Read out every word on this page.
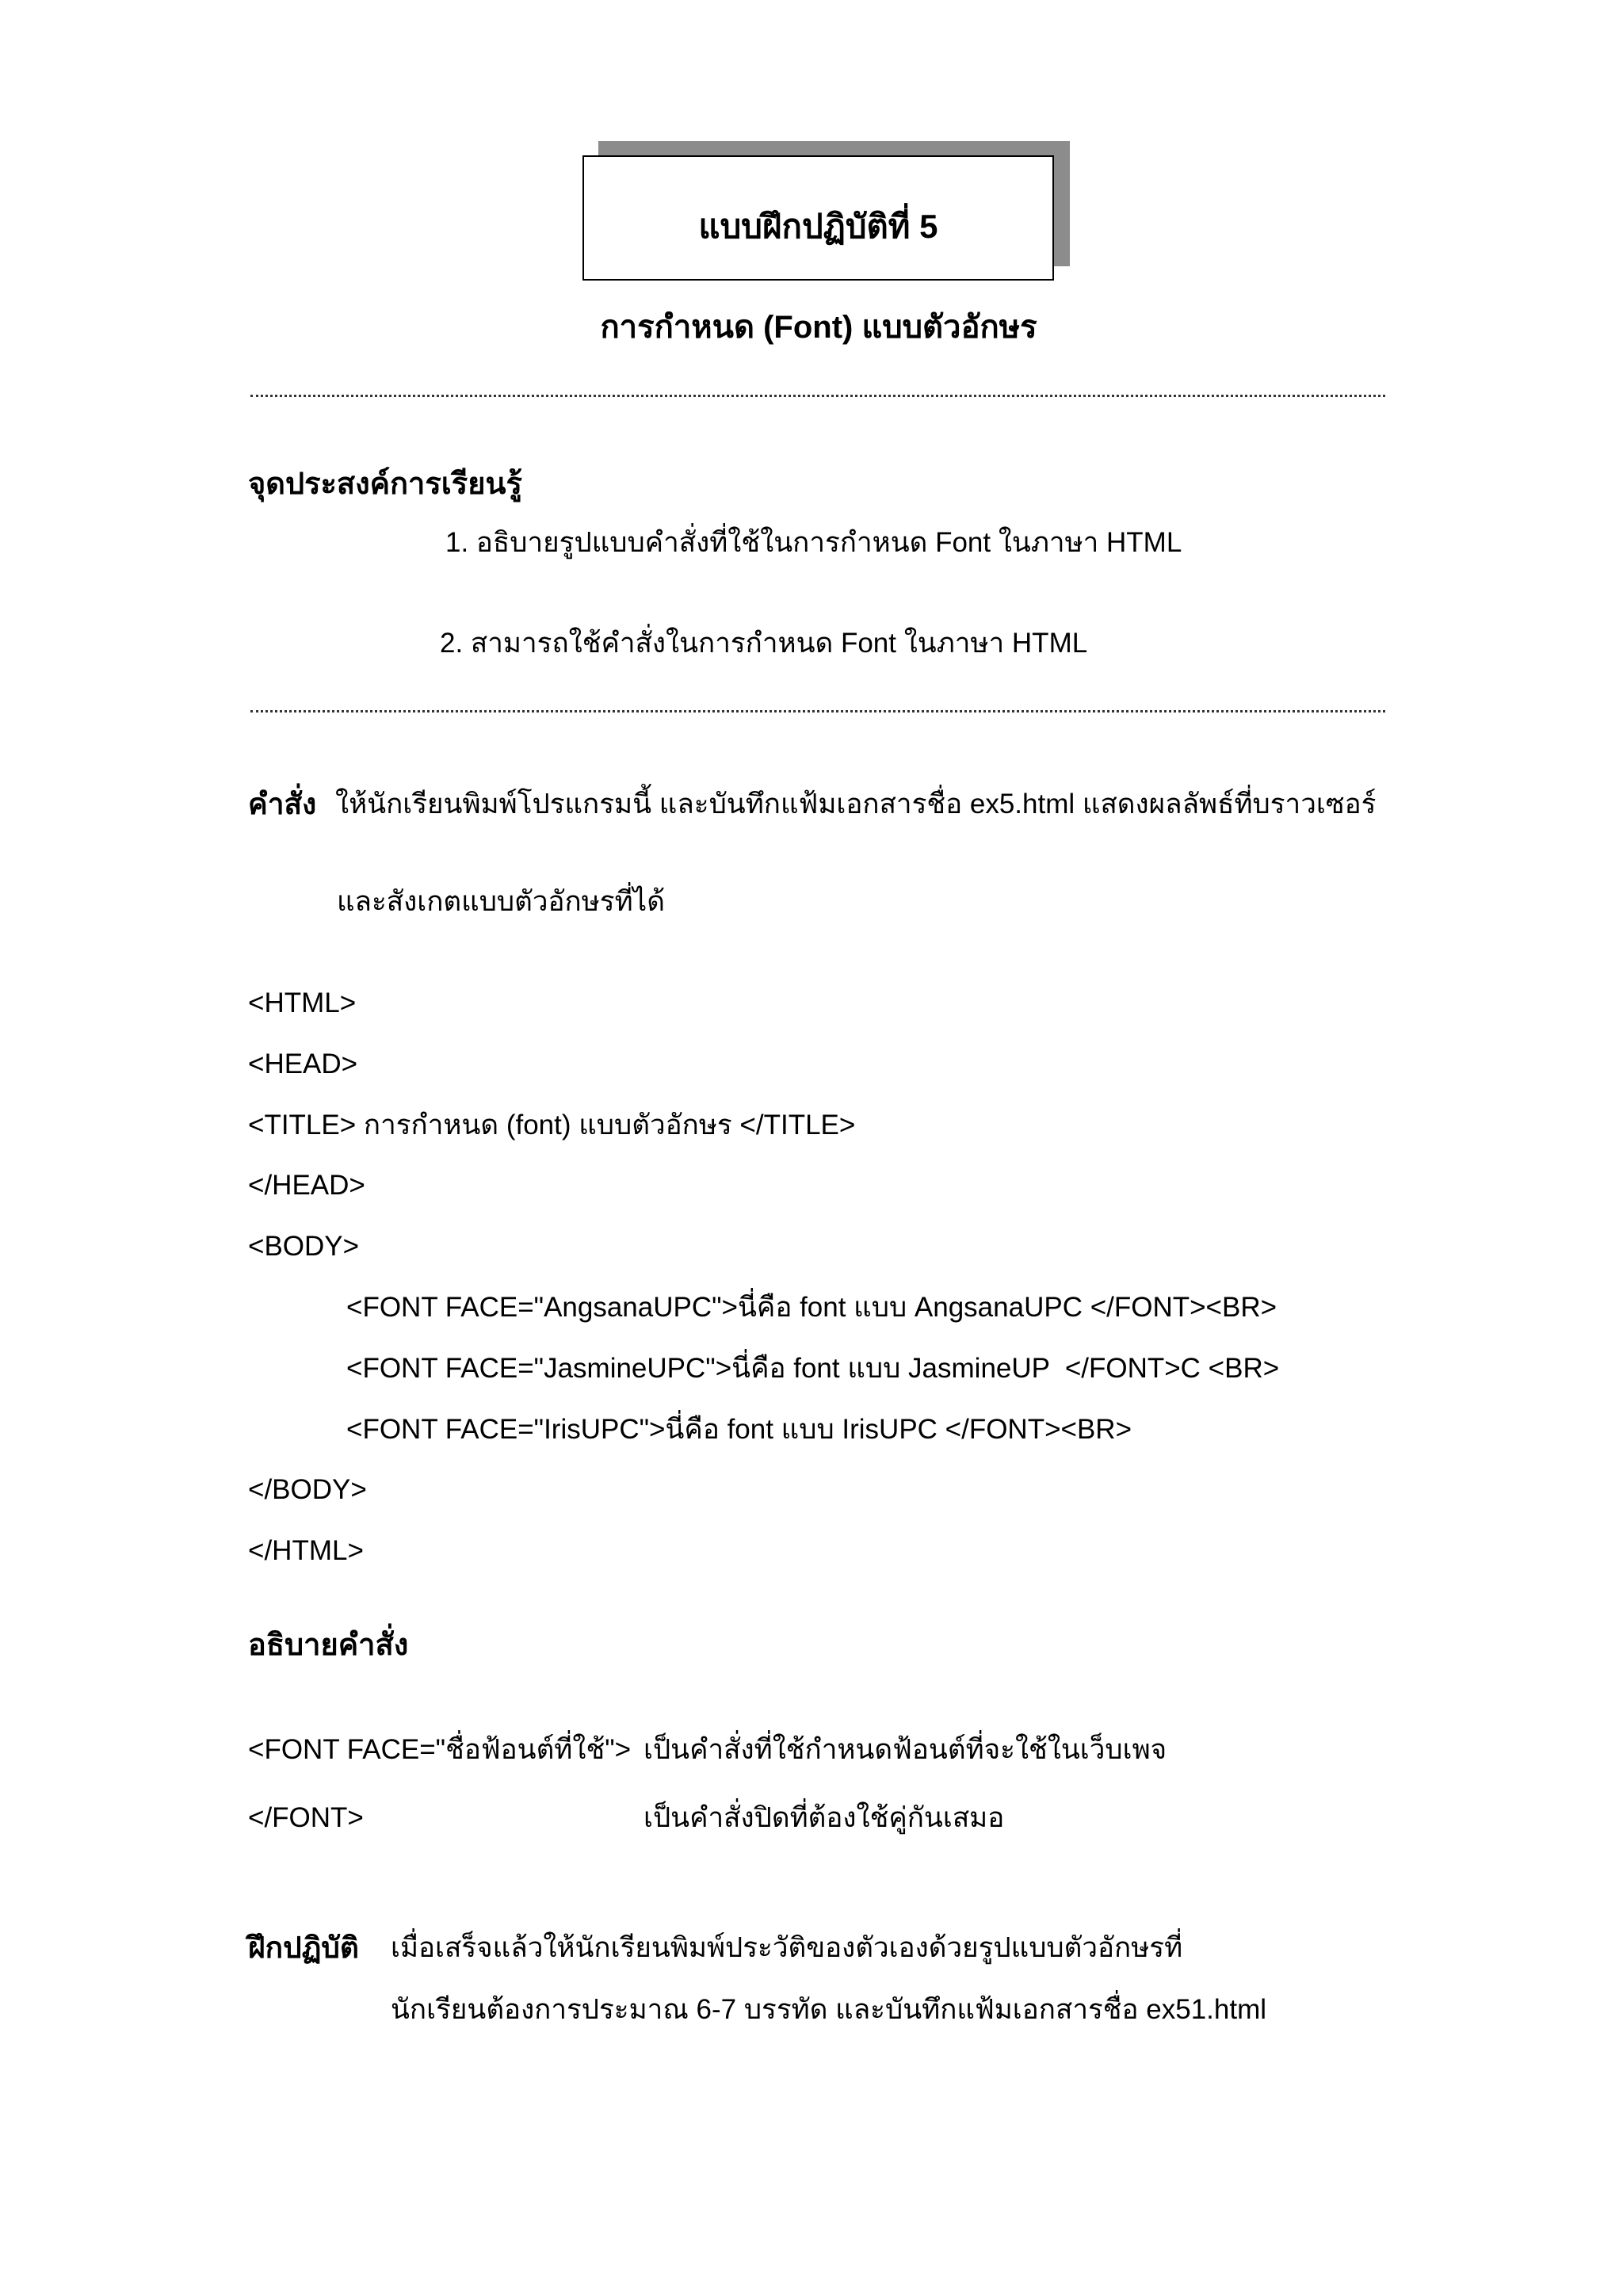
แบบฝึกปฏิบัติที่ 5
การกำหนด (Font) แบบตัวอักษร
จุดประสงค์การเรียนรู้
1. อธิบายรูปแบบคำสั่งที่ใช้ในการกำหนด Font ในภาษา HTML
2. สามารถใช้คำสั่งในการกำหนด Font ในภาษา HTML
คำสั่ง ให้นักเรียนพิมพ์โปรแกรมนี้ และบันทึกแฟ้มเอกสารชื่อ ex5.html แสดงผลลัพธ์ที่บราวเซอร์
และสังเกตแบบตัวอักษรที่ได้
<HTML>
<HEAD>
<TITLE> การกำหนด (font) แบบตัวอักษร </TITLE>
</HEAD>
<BODY>
<FONT FACE="AngsanaUPC">นี่คือ font แบบ AngsanaUPC </FONT><BR>
<FONT FACE="JasmineUPC">นี่คือ font แบบ JasmineUP  </FONT>C <BR>
<FONT FACE="IrisUPC">นี่คือ font แบบ IrisUPC </FONT><BR>
</BODY>
</HTML>
อธิบายคำสั่ง
<FONT FACE="ชื่อฟ้อนต์ที่ใช้"> เป็นคำสั่งที่ใช้กำหนดฟ้อนต์ที่จะใช้ในเว็บเพจ
</FONT>	เป็นคำสั่งปิดที่ต้องใช้คู่กันเสมอ
ฝึกปฏิบัติ	เมื่อเสร็จแล้วให้นักเรียนพิมพ์ประวัติของตัวเองด้วยรูปแบบตัวอักษรที่
นักเรียนต้องการประมาณ 6-7 บรรทัด และบันทึกแฟ้มเอกสารชื่อ ex51.html
